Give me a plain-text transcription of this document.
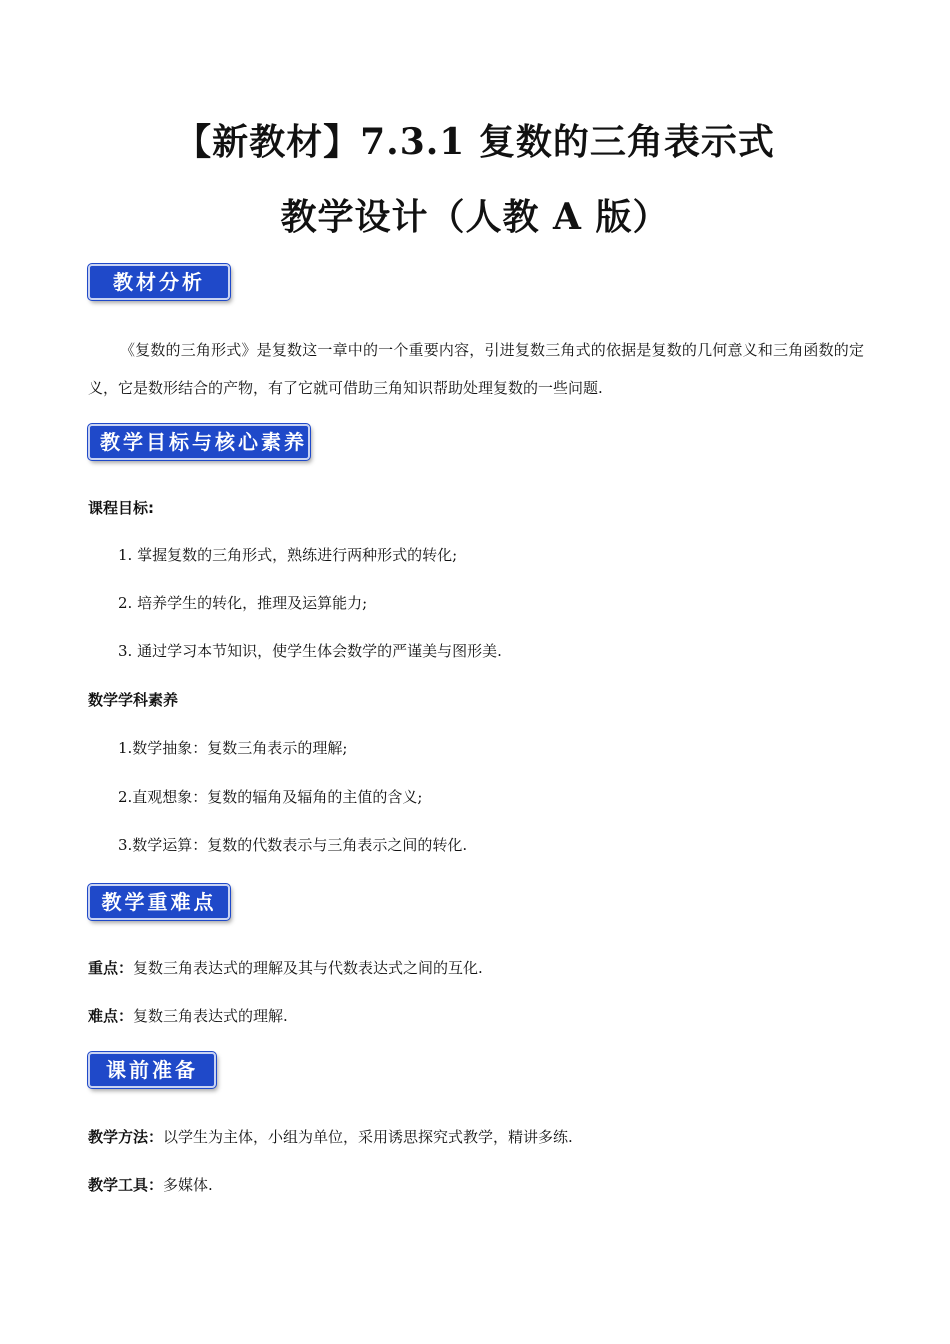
【新教材】7.3.1 复数的三角表示式
教学设计（人教 A 版）
教材分析
《复数的三角形式》是复数这一章中的一个重要内容，引进复数三角式的依据是复数的几何意义和三角函数的定义，它是数形结合的产物，有了它就可借助三角知识帮助处理复数的一些问题.
教学目标与核心素养
课程目标:
1. 掌握复数的三角形式，熟练进行两种形式的转化;
2. 培养学生的转化，推理及运算能力;
3. 通过学习本节知识，使学生体会数学的严谨美与图形美.
数学学科素养
1.数学抽象：复数三角表示的理解;
2.直观想象：复数的辐角及辐角的主值的含义;
3.数学运算：复数的代数表示与三角表示之间的转化.
教学重难点
重点：复数三角表达式的理解及其与代数表达式之间的互化.
难点：复数三角表达式的理解.
课前准备
教学方法：以学生为主体，小组为单位，采用诱思探究式教学，精讲多练.
教学工具：多媒体.
